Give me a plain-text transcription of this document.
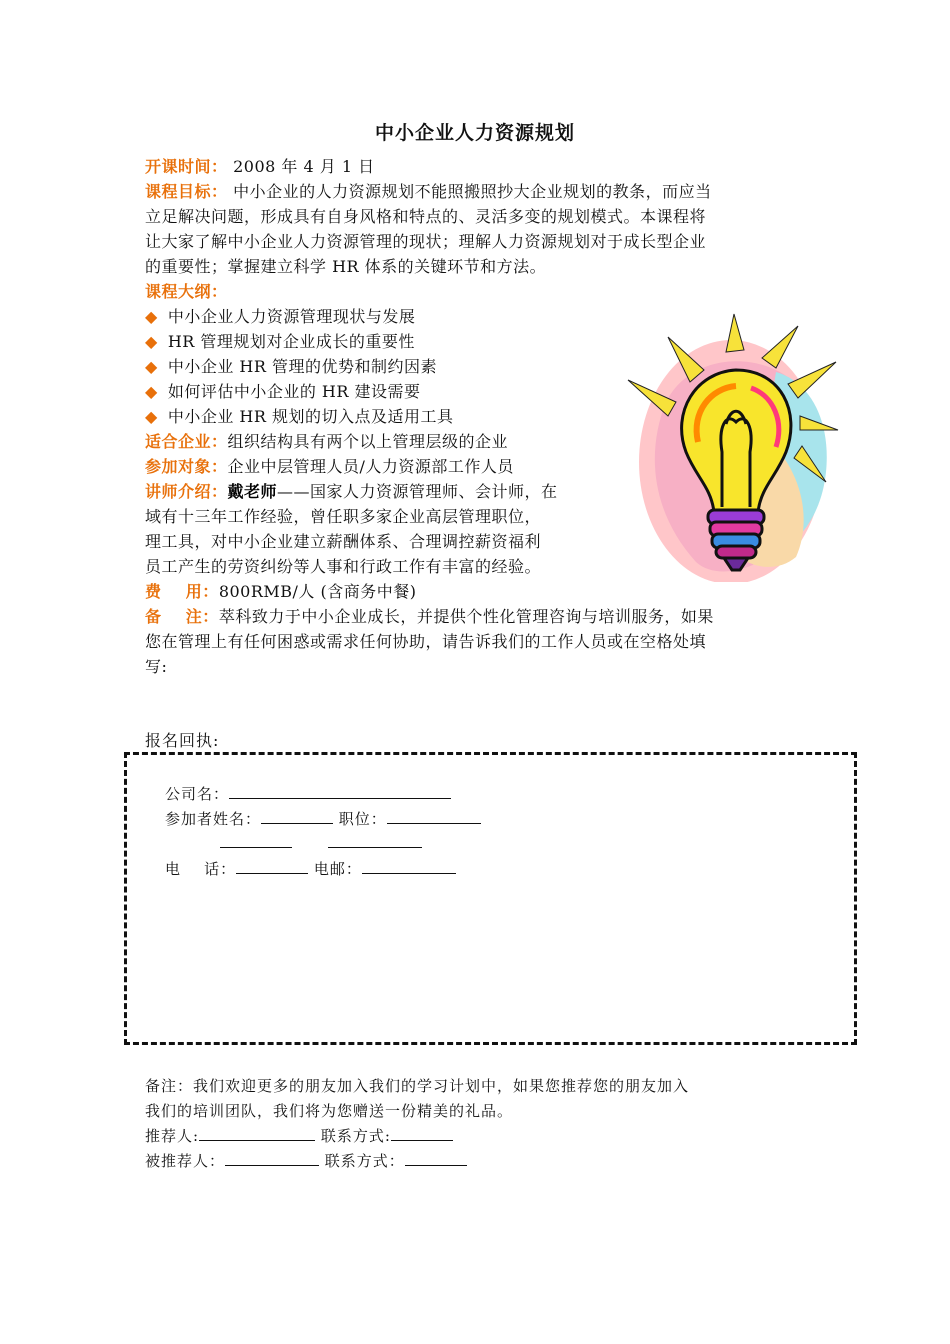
中小企业人力资源规划
开课时间： 2008 年 4 月 1 日
课程目标： 中小企业的人力资源规划不能照搬照抄大企业规划的教条，而应当
立足解决问题，形成具有自身风格和特点的、灵活多变的规划模式。本课程将
让大家了解中小企业人力资源管理的现状；理解人力资源规划对于成长型企业
的重要性；掌握建立科学 HR 体系的关键环节和方法。
课程大纲：
◆ 中小企业人力资源管理现状与发展
◆ HR 管理规划对企业成长的重要性
◆ 中小企业 HR 管理的优势和制约因素
◆ 如何评估中小企业的 HR 建设需要
◆ 中小企业 HR 规划的切入点及适用工具
适合企业：组织结构具有两个以上管理层级的企业
参加对象：企业中层管理人员/人力资源部工作人员
讲师介绍：戴老师——国家人力资源管理师、会计师，在
域有十三年工作经验，曾任职多家企业高层管理职位，
理工具，对中小企业建立薪酬体系、合理调控薪资福利
员工产生的劳资纠纷等人事和行政工作有丰富的经验。
费    用：800RMB/人 (含商务中餐)
备    注：萃科致力于中小企业成长，并提供个性化管理咨询与培训服务，如果
您在管理上有任何困惑或需求任何协助，请告诉我们的工作人员或在空格处填
写:
报名回执:
公司名：
参加者姓名：	职位：

电    话：	电邮：
备注：我们欢迎更多的朋友加入我们的学习计划中，如果您推荐您的朋友加入
我们的培训团队，我们将为您赠送一份精美的礼品。
推荐人:	联系方式:
被推荐人：	联系方式：
